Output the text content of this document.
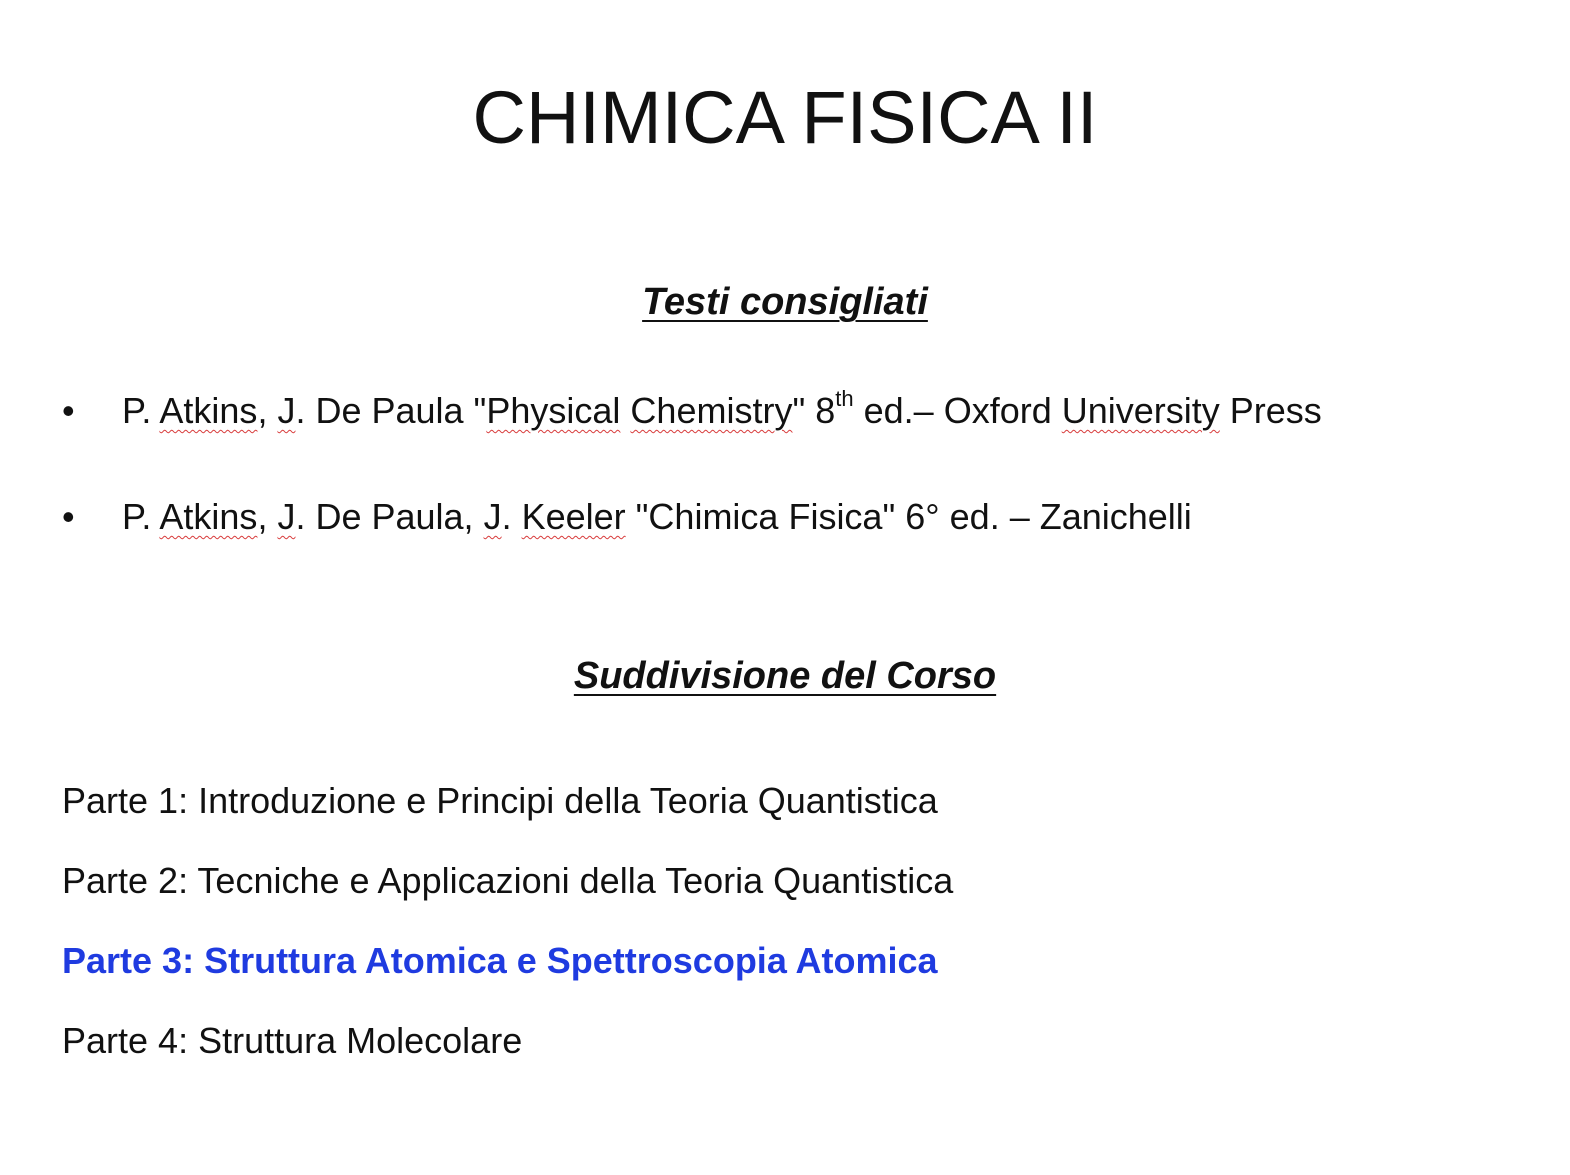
CHIMICA FISICA II
Testi consigliati
• P. Atkins, J. De Paula "Physical Chemistry" 8th ed.– Oxford University Press
• P. Atkins, J. De Paula, J. Keeler "Chimica Fisica" 6° ed. – Zanichelli
Suddivisione del Corso
Parte 1: Introduzione e Principi della Teoria Quantistica
Parte 2: Tecniche e Applicazioni della Teoria Quantistica
Parte 3: Struttura Atomica e Spettroscopia Atomica
Parte 4: Struttura Molecolare
